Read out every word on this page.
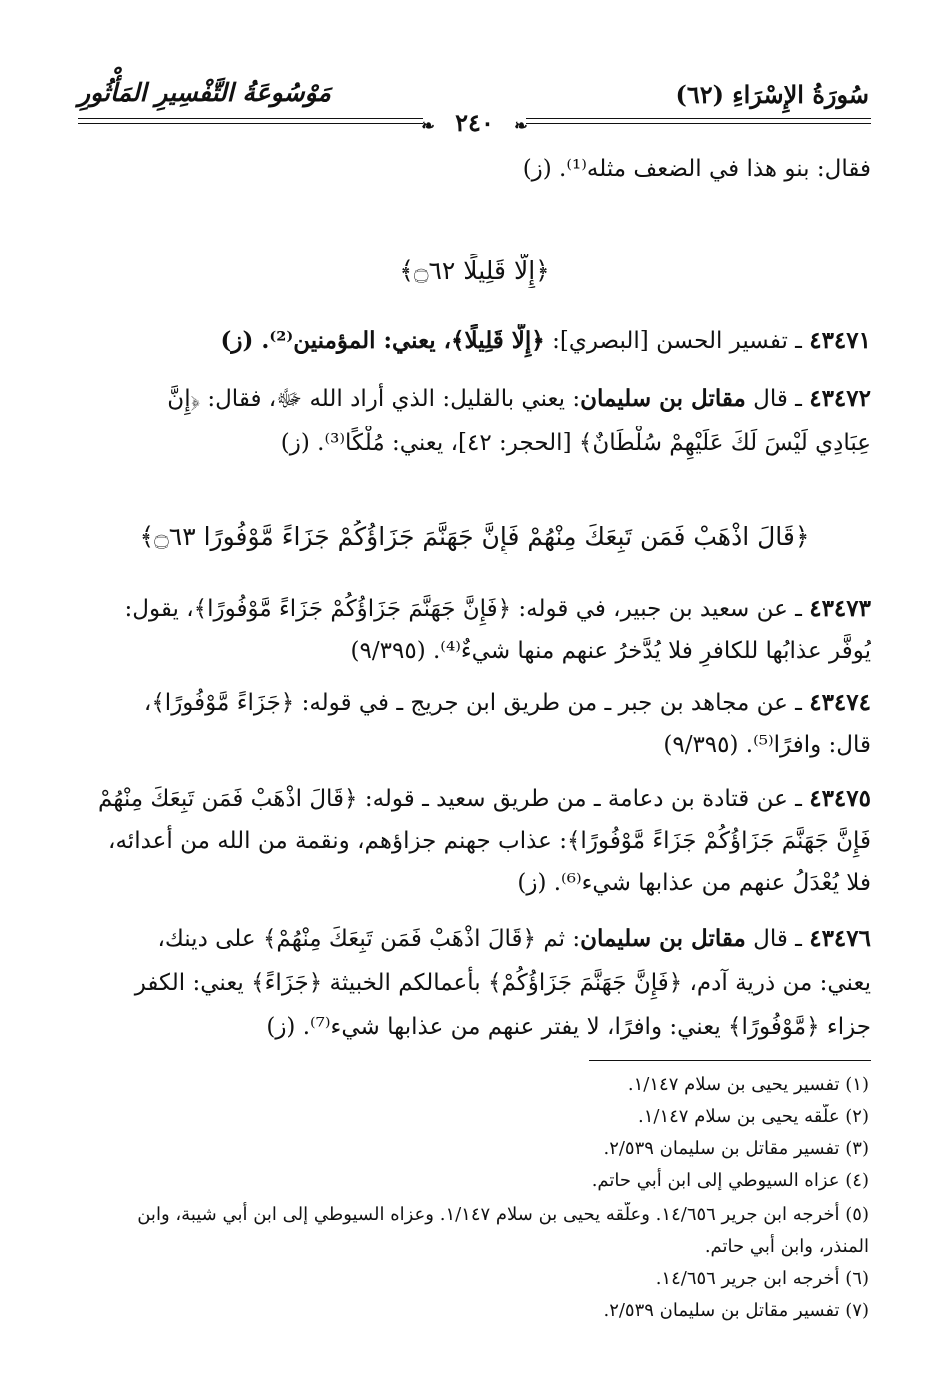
سُورَةُ الإِسْرَاءِ (٦٢)
مَوْسُوعَةُ التَّفْسِيرِ المَأْثُورِ
❧ ٢٤٠ ❧
فقال: بنو هذا في الضعف مثله⁽¹⁾. (ز)
﴿إِلَّا قَلِيلًا ۝٦٢﴾
٤٣٤٧١ ـ تفسير الحسن [البصري]: ﴿إِلَّا قَلِيلًا﴾، يعني: المؤمنين⁽²⁾. (ز)
٤٣٤٧٢ ـ قال مقاتل بن سليمان: يعني بالقليل: الذي أراد الله ﷻ، فقال: ﴿إِنَّ
عِبَادِي لَيْسَ لَكَ عَلَيْهِمْ سُلْطَانٌ﴾ [الحجر: ٤٢]، يعني: مُلْكًا⁽³⁾. (ز)
﴿قَالَ اذْهَبْ فَمَن تَبِعَكَ مِنْهُمْ فَإِنَّ جَهَنَّمَ جَزَاؤُكُمْ جَزَاءً مَّوْفُورًا ۝٦٣﴾
٤٣٤٧٣ ـ عن سعيد بن جبير، في قوله: ﴿فَإِنَّ جَهَنَّمَ جَزَاؤُكُمْ جَزَاءً مَّوْفُورًا﴾، يقول:
يُوفَّر عذابُها للكافرِ فلا يُدَّخرُ عنهم منها شيءٌ⁽⁴⁾. (٩/٣٩٥)
٤٣٤٧٤ ـ عن مجاهد بن جبر ـ من طريق ابن جريج ـ في قوله: ﴿جَزَاءً مَّوْفُورًا﴾،
قال: وافرًا⁽⁵⁾. (٩/٣٩٥)
٤٣٤٧٥ ـ عن قتادة بن دعامة ـ من طريق سعيد ـ قوله: ﴿قَالَ اذْهَبْ فَمَن تَبِعَكَ مِنْهُمْ
فَإِنَّ جَهَنَّمَ جَزَاؤُكُمْ جَزَاءً مَّوْفُورًا﴾: عذاب جهنم جزاؤهم، ونقمة من الله من أعدائه،
فلا يُعْدَلُ عنهم من عذابها شيء⁽⁶⁾. (ز)
٤٣٤٧٦ ـ قال مقاتل بن سليمان: ثم ﴿قَالَ اذْهَبْ فَمَن تَبِعَكَ مِنْهُمْ﴾ على دينك،
يعني: من ذرية آدم، ﴿فَإِنَّ جَهَنَّمَ جَزَاؤُكُمْ﴾ بأعمالكم الخبيثة ﴿جَزَاءً﴾ يعني: الكفر
جزاء ﴿مَّوْفُورًا﴾ يعني: وافرًا، لا يفتر عنهم من عذابها شيء⁽⁷⁾. (ز)
(١) تفسير يحيى بن سلام ١/١٤٧.
(٢) علَّقه يحيى بن سلام ١/١٤٧.
(٣) تفسير مقاتل بن سليمان ٢/٥٣٩.
(٤) عزاه السيوطي إلى ابن أبي حاتم.
(٥) أخرجه ابن جرير ١٤/٦٥٦. وعلَّقه يحيى بن سلام ١/١٤٧. وعزاه السيوطي إلى ابن أبي شيبة، وابن
المنذر، وابن أبي حاتم.
(٦) أخرجه ابن جرير ١٤/٦٥٦.
(٧) تفسير مقاتل بن سليمان ٢/٥٣٩.
